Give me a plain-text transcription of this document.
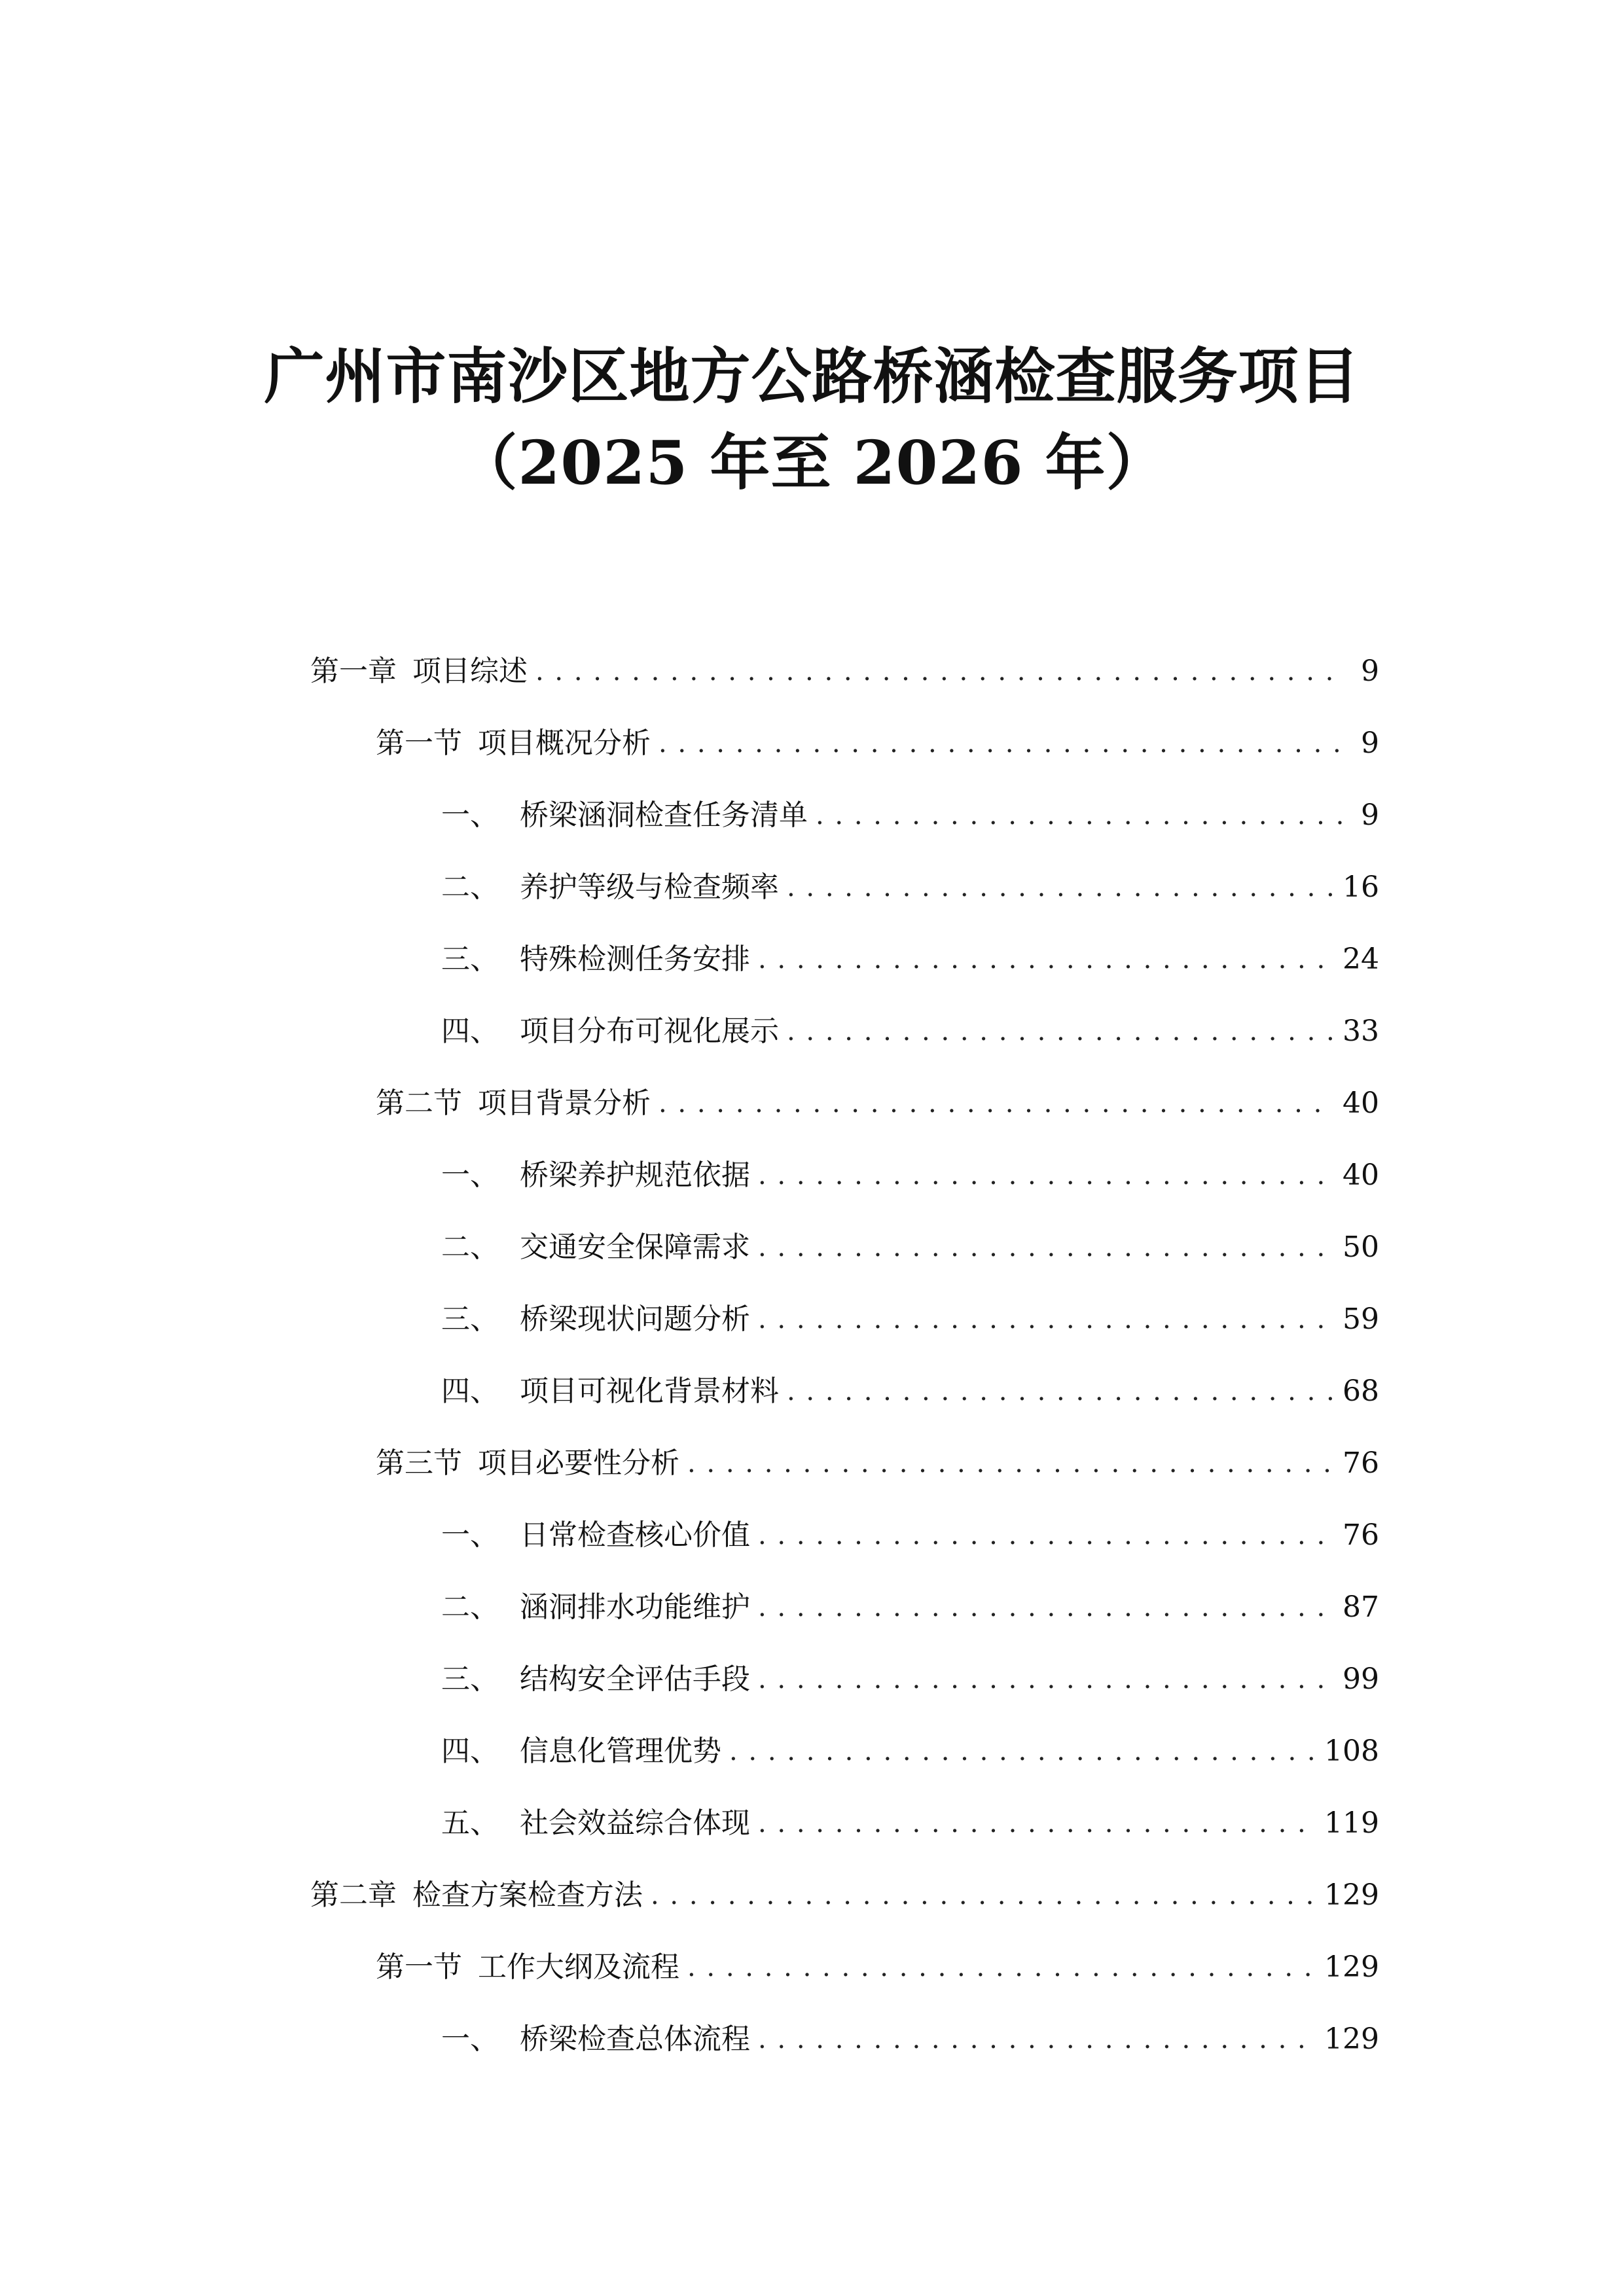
广州市南沙区地方公路桥涵检查服务项目
（2025 年至 2026 年）
第一章 项目综述 . . .	9
第一节 项目概况分析 . . .	9
一、 桥梁涵洞检查任务清单 . . .	9
二、 养护等级与检查频率 . . .	16
三、 特殊检测任务安排 . . .	24
四、 项目分布可视化展示 . . .	33
第二节 项目背景分析 . . .	40
一、 桥梁养护规范依据 . . .	40
二、 交通安全保障需求 . . .	50
三、 桥梁现状问题分析 . . .	59
四、 项目可视化背景材料 . . .	68
第三节 项目必要性分析 . . .	76
一、 日常检查核心价值 . . .	76
二、 涵洞排水功能维护 . . .	87
三、 结构安全评估手段 . . .	99
四、 信息化管理优势 . . .	108
五、 社会效益综合体现 . . .	119
第二章 检查方案检查方法 . . .	129
第一节 工作大纲及流程 . . .	129
一、 桥梁检查总体流程 . . .	129
